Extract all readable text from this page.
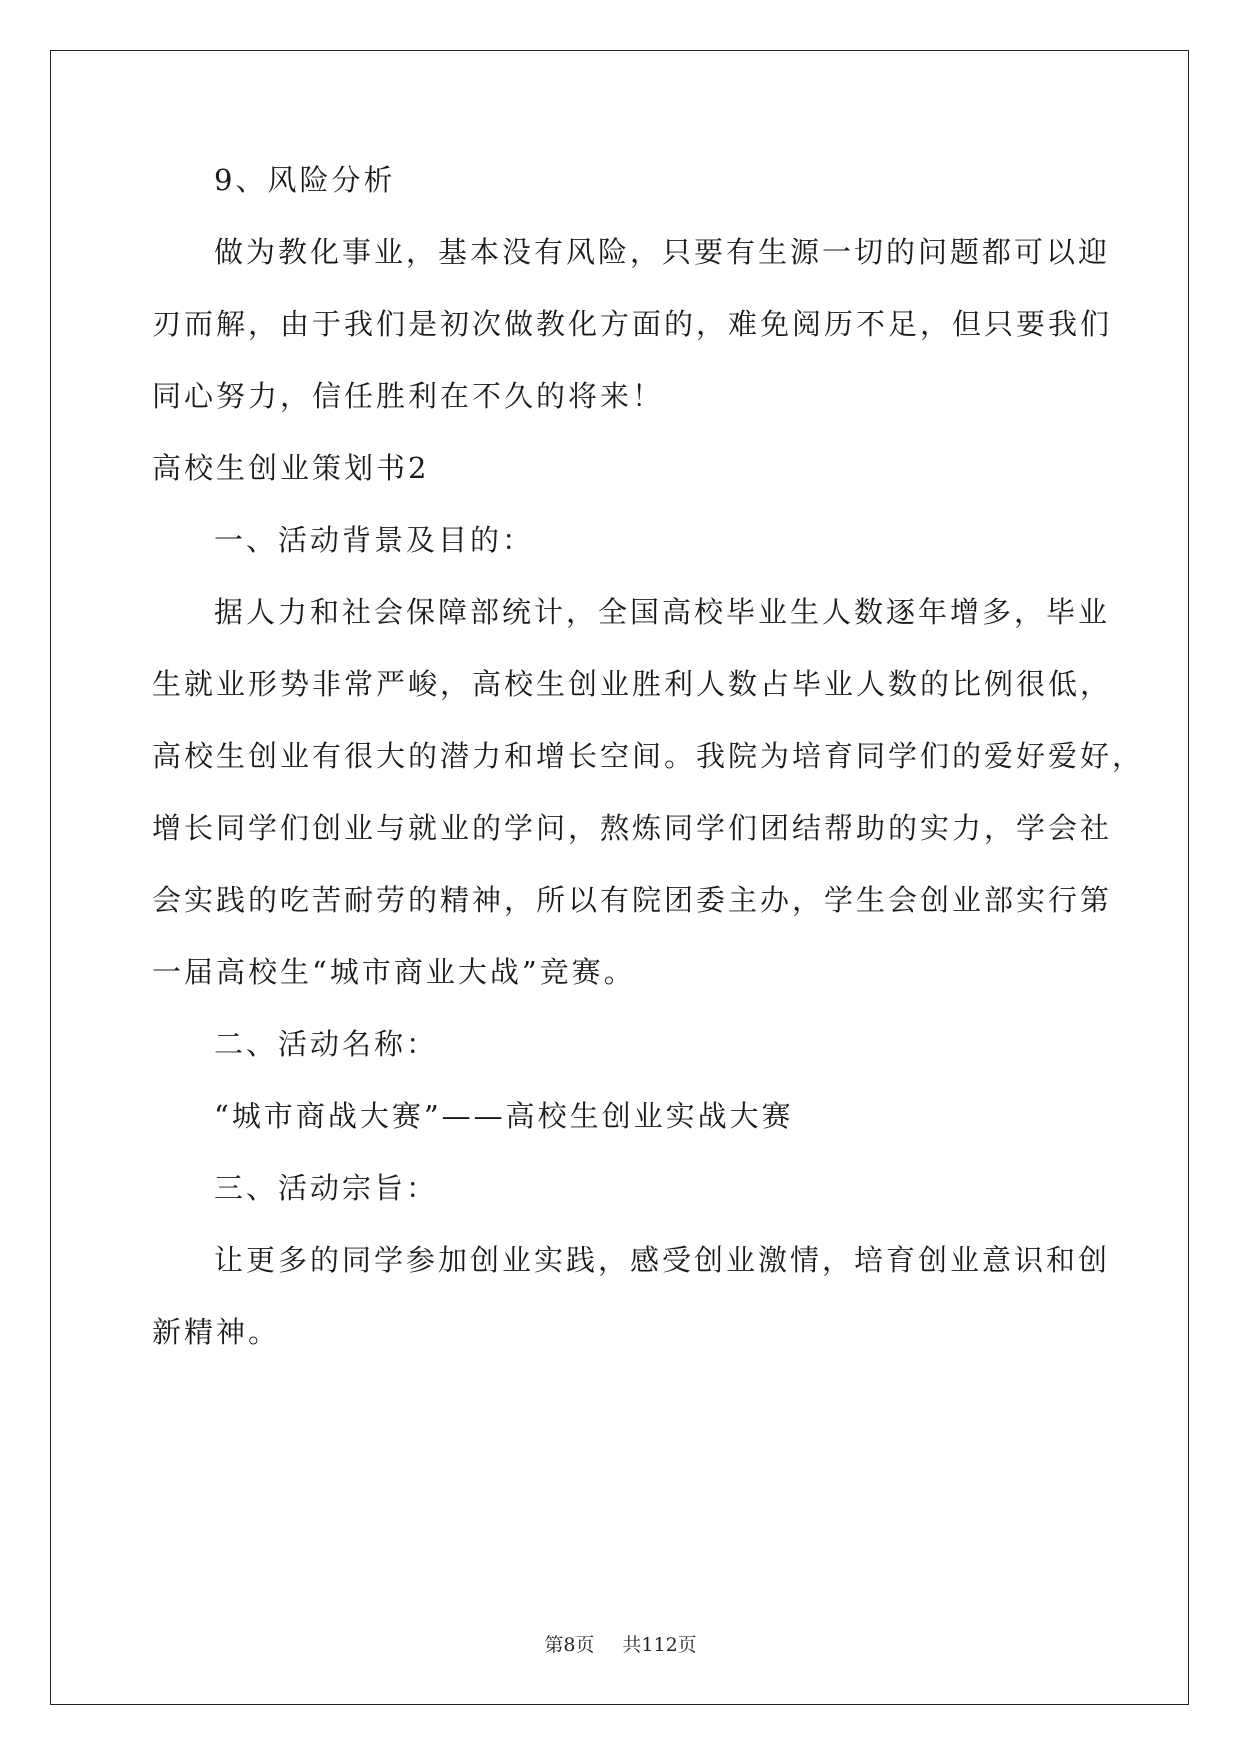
9、风险分析
做为教化事业，基本没有风险，只要有生源一切的问题都可以迎
刃而解，由于我们是初次做教化方面的，难免阅历不足，但只要我们
同心努力，信任胜利在不久的将来！
高校生创业策划书2
一、活动背景及目的：
据人力和社会保障部统计，全国高校毕业生人数逐年增多，毕业
生就业形势非常严峻，高校生创业胜利人数占毕业人数的比例很低，
高校生创业有很大的潜力和增长空间。我院为培育同学们的爱好爱好，
增长同学们创业与就业的学问，熬炼同学们团结帮助的实力，学会社
会实践的吃苦耐劳的精神，所以有院团委主办，学生会创业部实行第
一届高校生“城市商业大战”竞赛。
二、活动名称：
“城市商战大赛”——高校生创业实战大赛
三、活动宗旨：
让更多的同学参加创业实践，感受创业激情，培育创业意识和创
新精神。
第8页 共112页
